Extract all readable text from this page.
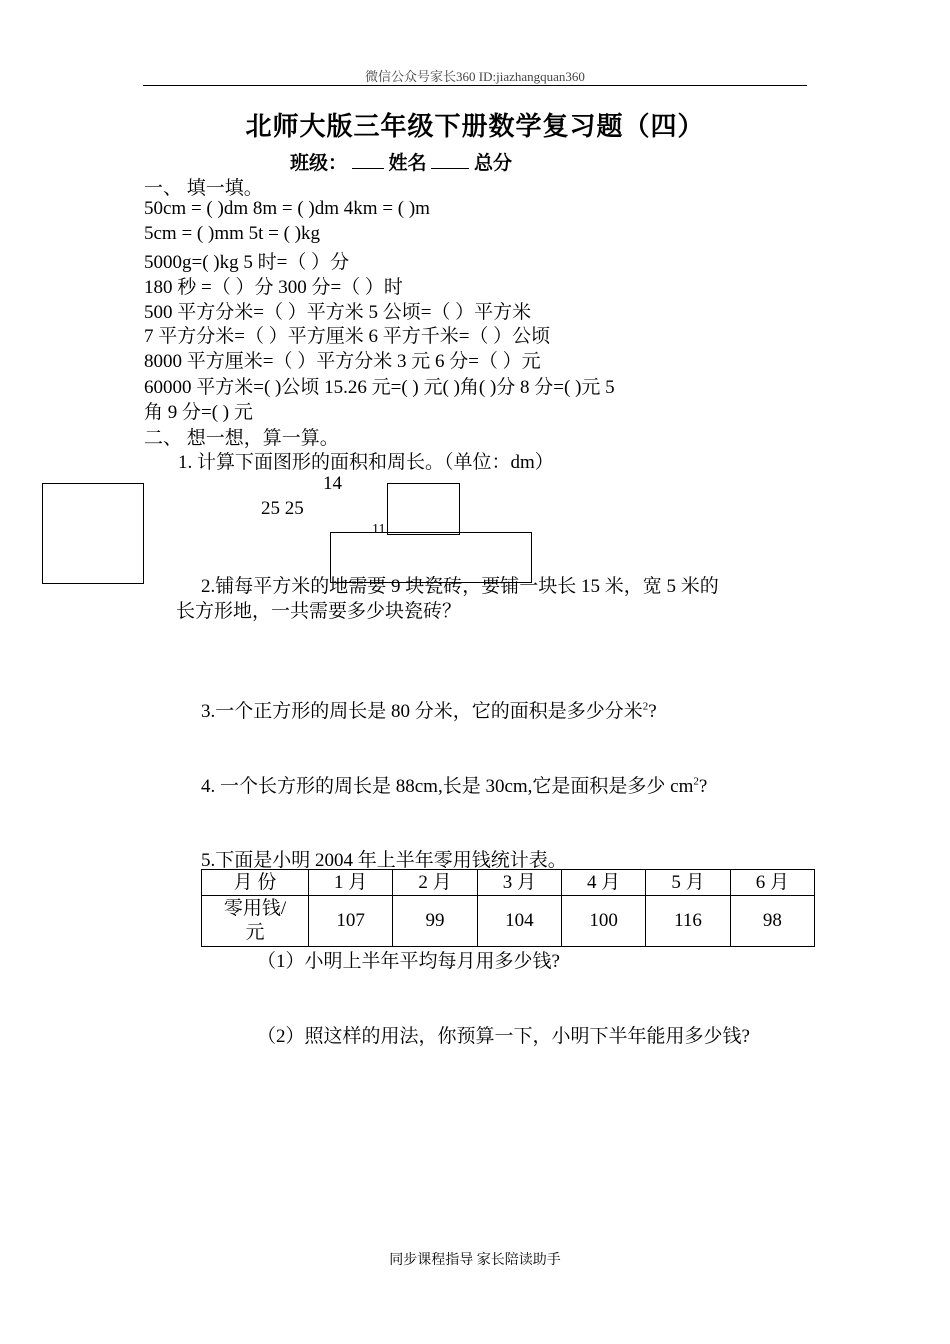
微信公众号家长360 ID:jiazhangquan360
北师大版三年级下册数学复习题（四）
班级： 姓名	总分
一、 填一填。
50cm = ( )dm 8m = ( )dm 4km = ( )m
5cm = ( )mm 5t = ( )kg
5000g=( )kg 5 时=（ ）分
180 秒 =（ ）分 300 分=（ ）时
500 平方分米=（ ）平方米 5 公顷=（ ）平方米
7 平方分米=（ ）平方厘米 6 平方千米=（ ）公顷
8000 平方厘米=（ ）平方分米 3 元 6 分=（ ）元
60000 平方米=( )公顷 15.26 元=( ) 元( )角( )分 8 分=( )元 5
角 9 分=( ) 元
二、 想一想，算一算。
1. 计算下面图形的面积和周长。（单位：dm）
14
25 25
11
2.铺每平方米的地需要 9 块瓷砖，要铺一块长 15 米，宽 5 米的
长方形地，一共需要多少块瓷砖？
3.一个正方形的周长是 80 分米，它的面积是多少分米$^2$?
4. 一个长方形的周长是 88cm,长是 30cm,它是面积是多少 $cm^2$?
5.下面是小明 2004 年上半年零用钱统计表。
月 份	1 月	2 月	3 月	4 月	5 月	6 月

零用钱/
元	107	99	104	100	116	98
（1）小明上半年平均每月用多少钱?
（2）照这样的用法，你预算一下，小明下半年能用多少钱?
同步课程指导 家长陪读助手
